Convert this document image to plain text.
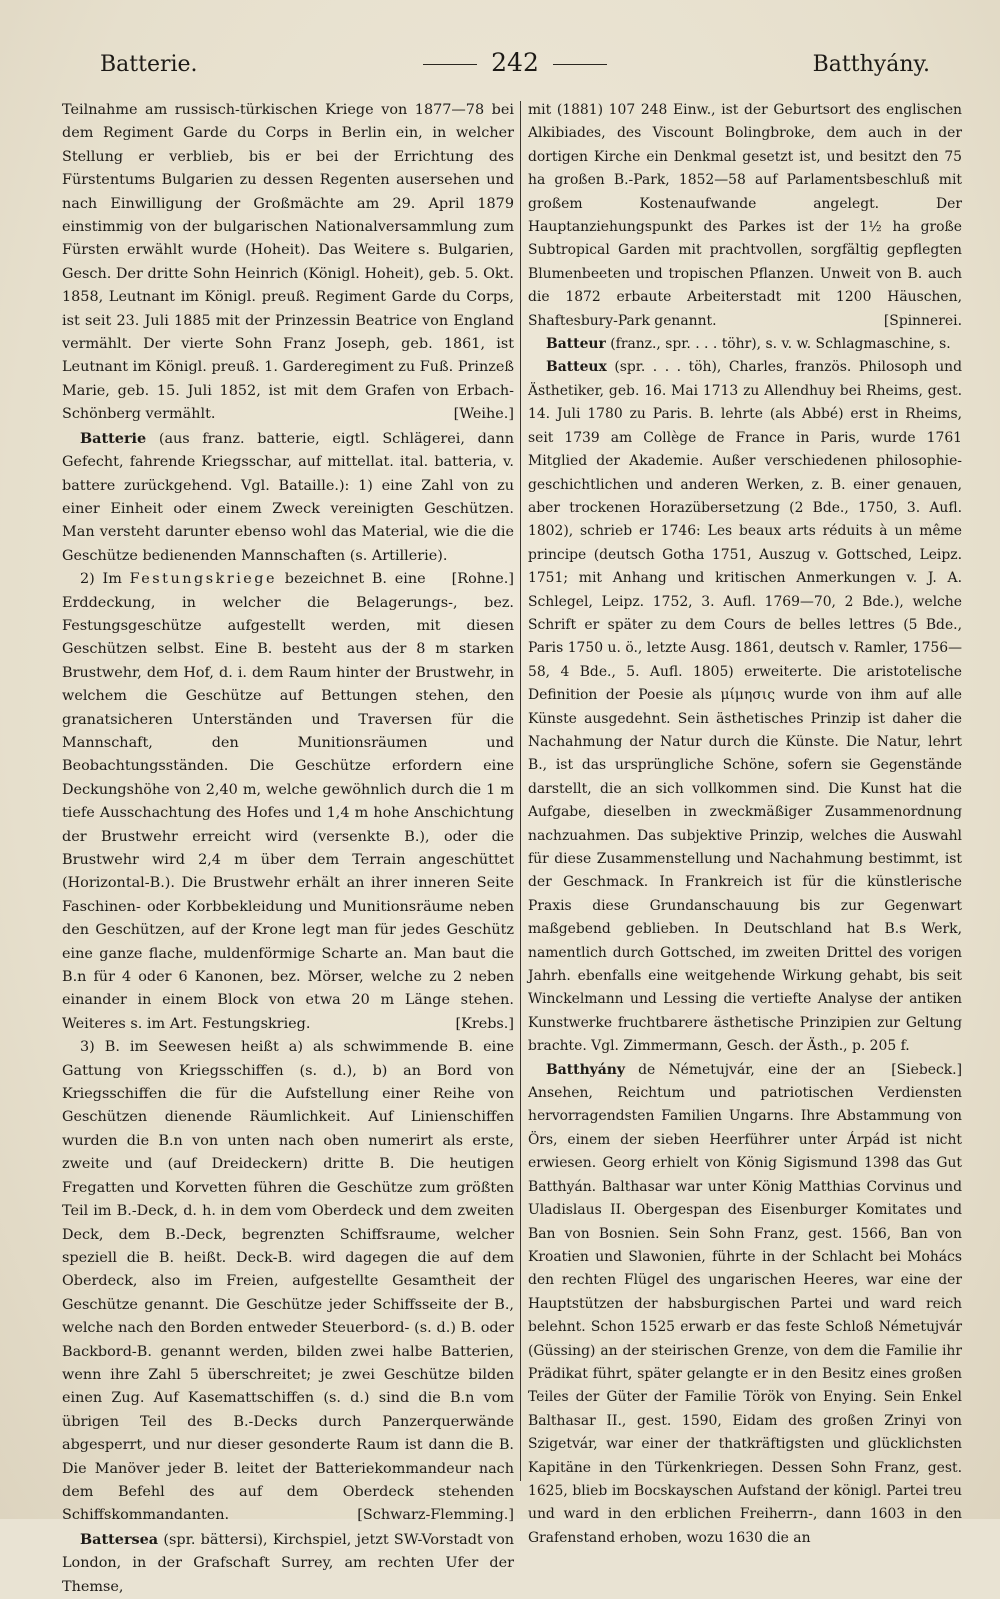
Batterie.	242	Batthyány.

Teilnahme am russisch-türkischen Kriege von 1877—78 bei dem Regiment Garde du Corps in Berlin ein, in welcher Stellung er verblieb, bis er bei der Errichtung des Fürstentums Bulgarien zu dessen Regenten ausersehen und nach Einwilligung der Großmächte am 29. April 1879 einstimmig von der bulgarischen Nationalversammlung zum Fürsten erwählt wurde (Hoheit). Das Weitere s. Bulgarien, Gesch. Der dritte Sohn Heinrich (Königl. Hoheit), geb. 5. Okt. 1858, Leutnant im Königl. preuß. Regiment Garde du Corps, ist seit 23. Juli 1885 mit der Prinzessin Beatrice von England vermählt. Der vierte Sohn Franz Joseph, geb. 1861, ist Leutnant im Königl. preuß. 1. Garderegiment zu Fuß. Prinzeß Marie, geb. 15. Juli 1852, ist mit dem Grafen von Erbach-Schönberg vermählt.	[Weihe.]

Batterie (aus franz. batterie, eigtl. Schlägerei, dann Gefecht, fahrende Kriegsschar, auf mittellat. ital. batteria, v. battere zurückgehend. Vgl. Bataille.): 1) eine Zahl von zu einer Einheit oder einem Zweck vereinigten Geschützen. Man versteht darunter ebenso wohl das Material, wie die die Geschütze bedienenden Mannschaften (s. Artillerie).
[Rohne.]

2) Im Festungskriege bezeichnet B. eine Erddeckung, in welcher die Belagerungs-, bez. Festungsgeschütze aufgestellt werden, mit diesen Geschützen selbst. Eine B. besteht aus der 8 m starken Brustwehr, dem Hof, d. i. dem Raum hinter der Brustwehr, in welchem die Geschütze auf Bettungen stehen, den granatsicheren Unterständen und Traversen für die Mannschaft, den Munitionsräumen und Beobachtungsständen. Die Geschütze erfordern eine Deckungshöhe von 2,40 m, welche gewöhnlich durch die 1 m tiefe Ausschachtung des Hofes und 1,4 m hohe Anschichtung der Brustwehr erreicht wird (versenkte B.), oder die Brustwehr wird 2,4 m über dem Terrain angeschüttet (Horizontal-B.). Die Brustwehr erhält an ihrer inneren Seite Faschinen- oder Korbbekleidung und Munitionsräume neben den Geschützen, auf der Krone legt man für jedes Geschütz eine ganze flache, muldenförmige Scharte an. Man baut die B.n für 4 oder 6 Kanonen, bez. Mörser, welche zu 2 neben einander in einem Block von etwa 20 m Länge stehen. Weiteres s. im Art. Festungskrieg.	[Krebs.]

3) B. im Seewesen heißt a) als schwimmende B. eine Gattung von Kriegsschiffen (s. d.), b) an Bord von Kriegsschiffen die für die Aufstellung einer Reihe von Geschützen dienende Räumlichkeit. Auf Linienschiffen wurden die B.n von unten nach oben numerirt als erste, zweite und (auf Dreideckern) dritte B. Die heutigen Fregatten und Korvetten führen die Geschütze zum größten Teil im B.-Deck, d. h. in dem vom Oberdeck und dem zweiten Deck, dem B.-Deck, begrenzten Schiffsraume, welcher speziell die B. heißt. Deck-B. wird dagegen die auf dem Oberdeck, also im Freien, aufgestellte Gesamtheit der Geschütze genannt. Die Geschütze jeder Schiffsseite der B., welche nach den Borden entweder Steuerbord- (s. d.) B. oder Backbord-B. genannt werden, bilden zwei halbe Batterien, wenn ihre Zahl 5 überschreitet; je zwei Geschütze bilden einen Zug. Auf Kasemattschiffen (s. d.) sind die B.n vom übrigen Teil des B.-Decks durch Panzerquerwände abgesperrt, und nur dieser gesonderte Raum ist dann die B. Die Manöver jeder B. leitet der Batteriekommandeur nach dem Befehl des auf dem Oberdeck stehenden Schiffskommandanten.	[Schwarz-Flemming.]

Battersea (spr. bättersi), Kirchspiel, jetzt SW-Vorstadt von London, in der Grafschaft Surrey, am rechten Ufer der Themse,

mit (1881) 107 248 Einw., ist der Geburtsort des englischen Alkibiades, des Viscount Bolingbroke, dem auch in der dortigen Kirche ein Denkmal gesetzt ist, und besitzt den 75 ha großen B.-Park, 1852—58 auf Parlamentsbeschluß mit großem Kostenaufwande angelegt. Der Hauptanziehungspunkt des Parkes ist der 1½ ha große Subtropical Garden mit prachtvollen, sorgfältig gepflegten Blumenbeeten und tropischen Pflanzen. Unweit von B. auch die 1872 erbaute Arbeiterstadt mit 1200 Häuschen, Shaftesbury-Park genannt.	[Spinnerei.

Batteur (franz., spr. . . . töhr), s. v. w. Schlagmaschine, s.

Batteux (spr. . . . töh), Charles, französ. Philosoph und Ästhetiker, geb. 16. Mai 1713 zu Allendhuy bei Rheims, gest. 14. Juli 1780 zu Paris. B. lehrte (als Abbé) erst in Rheims, seit 1739 am Collège de France in Paris, wurde 1761 Mitglied der Akademie. Außer verschiedenen philosophie-geschichtlichen und anderen Werken, z. B. einer genauen, aber trockenen Horazübersetzung (2 Bde., 1750, 3. Aufl. 1802), schrieb er 1746: Les beaux arts réduits à un même principe (deutsch Gotha 1751, Auszug v. Gottsched, Leipz. 1751; mit Anhang und kritischen Anmerkungen v. J. A. Schlegel, Leipz. 1752, 3. Aufl. 1769—70, 2 Bde.), welche Schrift er später zu dem Cours de belles lettres (5 Bde., Paris 1750 u. ö., letzte Ausg. 1861, deutsch v. Ramler, 1756—58, 4 Bde., 5. Aufl. 1805) erweiterte. Die aristotelische Definition der Poesie als μίμησις wurde von ihm auf alle Künste ausgedehnt. Sein ästhetisches Prinzip ist daher die Nachahmung der Natur durch die Künste. Die Natur, lehrt B., ist das ursprüngliche Schöne, sofern sie Gegenstände darstellt, die an sich vollkommen sind. Die Kunst hat die Aufgabe, dieselben in zweckmäßiger Zusammenordnung nachzuahmen. Das subjektive Prinzip, welches die Auswahl für diese Zusammenstellung und Nachahmung bestimmt, ist der Geschmack. In Frankreich ist für die künstlerische Praxis diese Grundanschauung bis zur Gegenwart maßgebend geblieben. In Deutschland hat B.s Werk, namentlich durch Gottsched, im zweiten Drittel des vorigen Jahrh. ebenfalls eine weitgehende Wirkung gehabt, bis seit Winckelmann und Lessing die vertiefte Analyse der antiken Kunstwerke fruchtbarere ästhetische Prinzipien zur Geltung brachte. Vgl. Zimmermann, Gesch. der Ästh., p. 205 f.
[Siebeck.]

Batthyány de Németujvár, eine der an Ansehen, Reichtum und patriotischen Verdiensten hervorragendsten Familien Ungarns. Ihre Abstammung von Örs, einem der sieben Heerführer unter Árpád ist nicht erwiesen. Georg erhielt von König Sigismund 1398 das Gut Batthyán. Balthasar war unter König Matthias Corvinus und Uladislaus II. Obergespan des Eisenburger Komitates und Ban von Bosnien. Sein Sohn Franz, gest. 1566, Ban von Kroatien und Slawonien, führte in der Schlacht bei Mohács den rechten Flügel des ungarischen Heeres, war eine der Hauptstützen der habsburgischen Partei und ward reich belehnt. Schon 1525 erwarb er das feste Schloß Németujvár (Güssing) an der steirischen Grenze, von dem die Familie ihr Prädikat führt, später gelangte er in den Besitz eines großen Teiles der Güter der Familie Török von Enying. Sein Enkel Balthasar II., gest. 1590, Eidam des großen Zrinyi von Szigetvár, war einer der thatkräftigsten und glücklichsten Kapitäne in den Türkenkriegen. Dessen Sohn Franz, gest. 1625, blieb im Bocskayschen Aufstand der königl. Partei treu und ward in den erblichen Freiherrn-, dann 1603 in den Grafenstand erhoben, wozu 1630 die an
